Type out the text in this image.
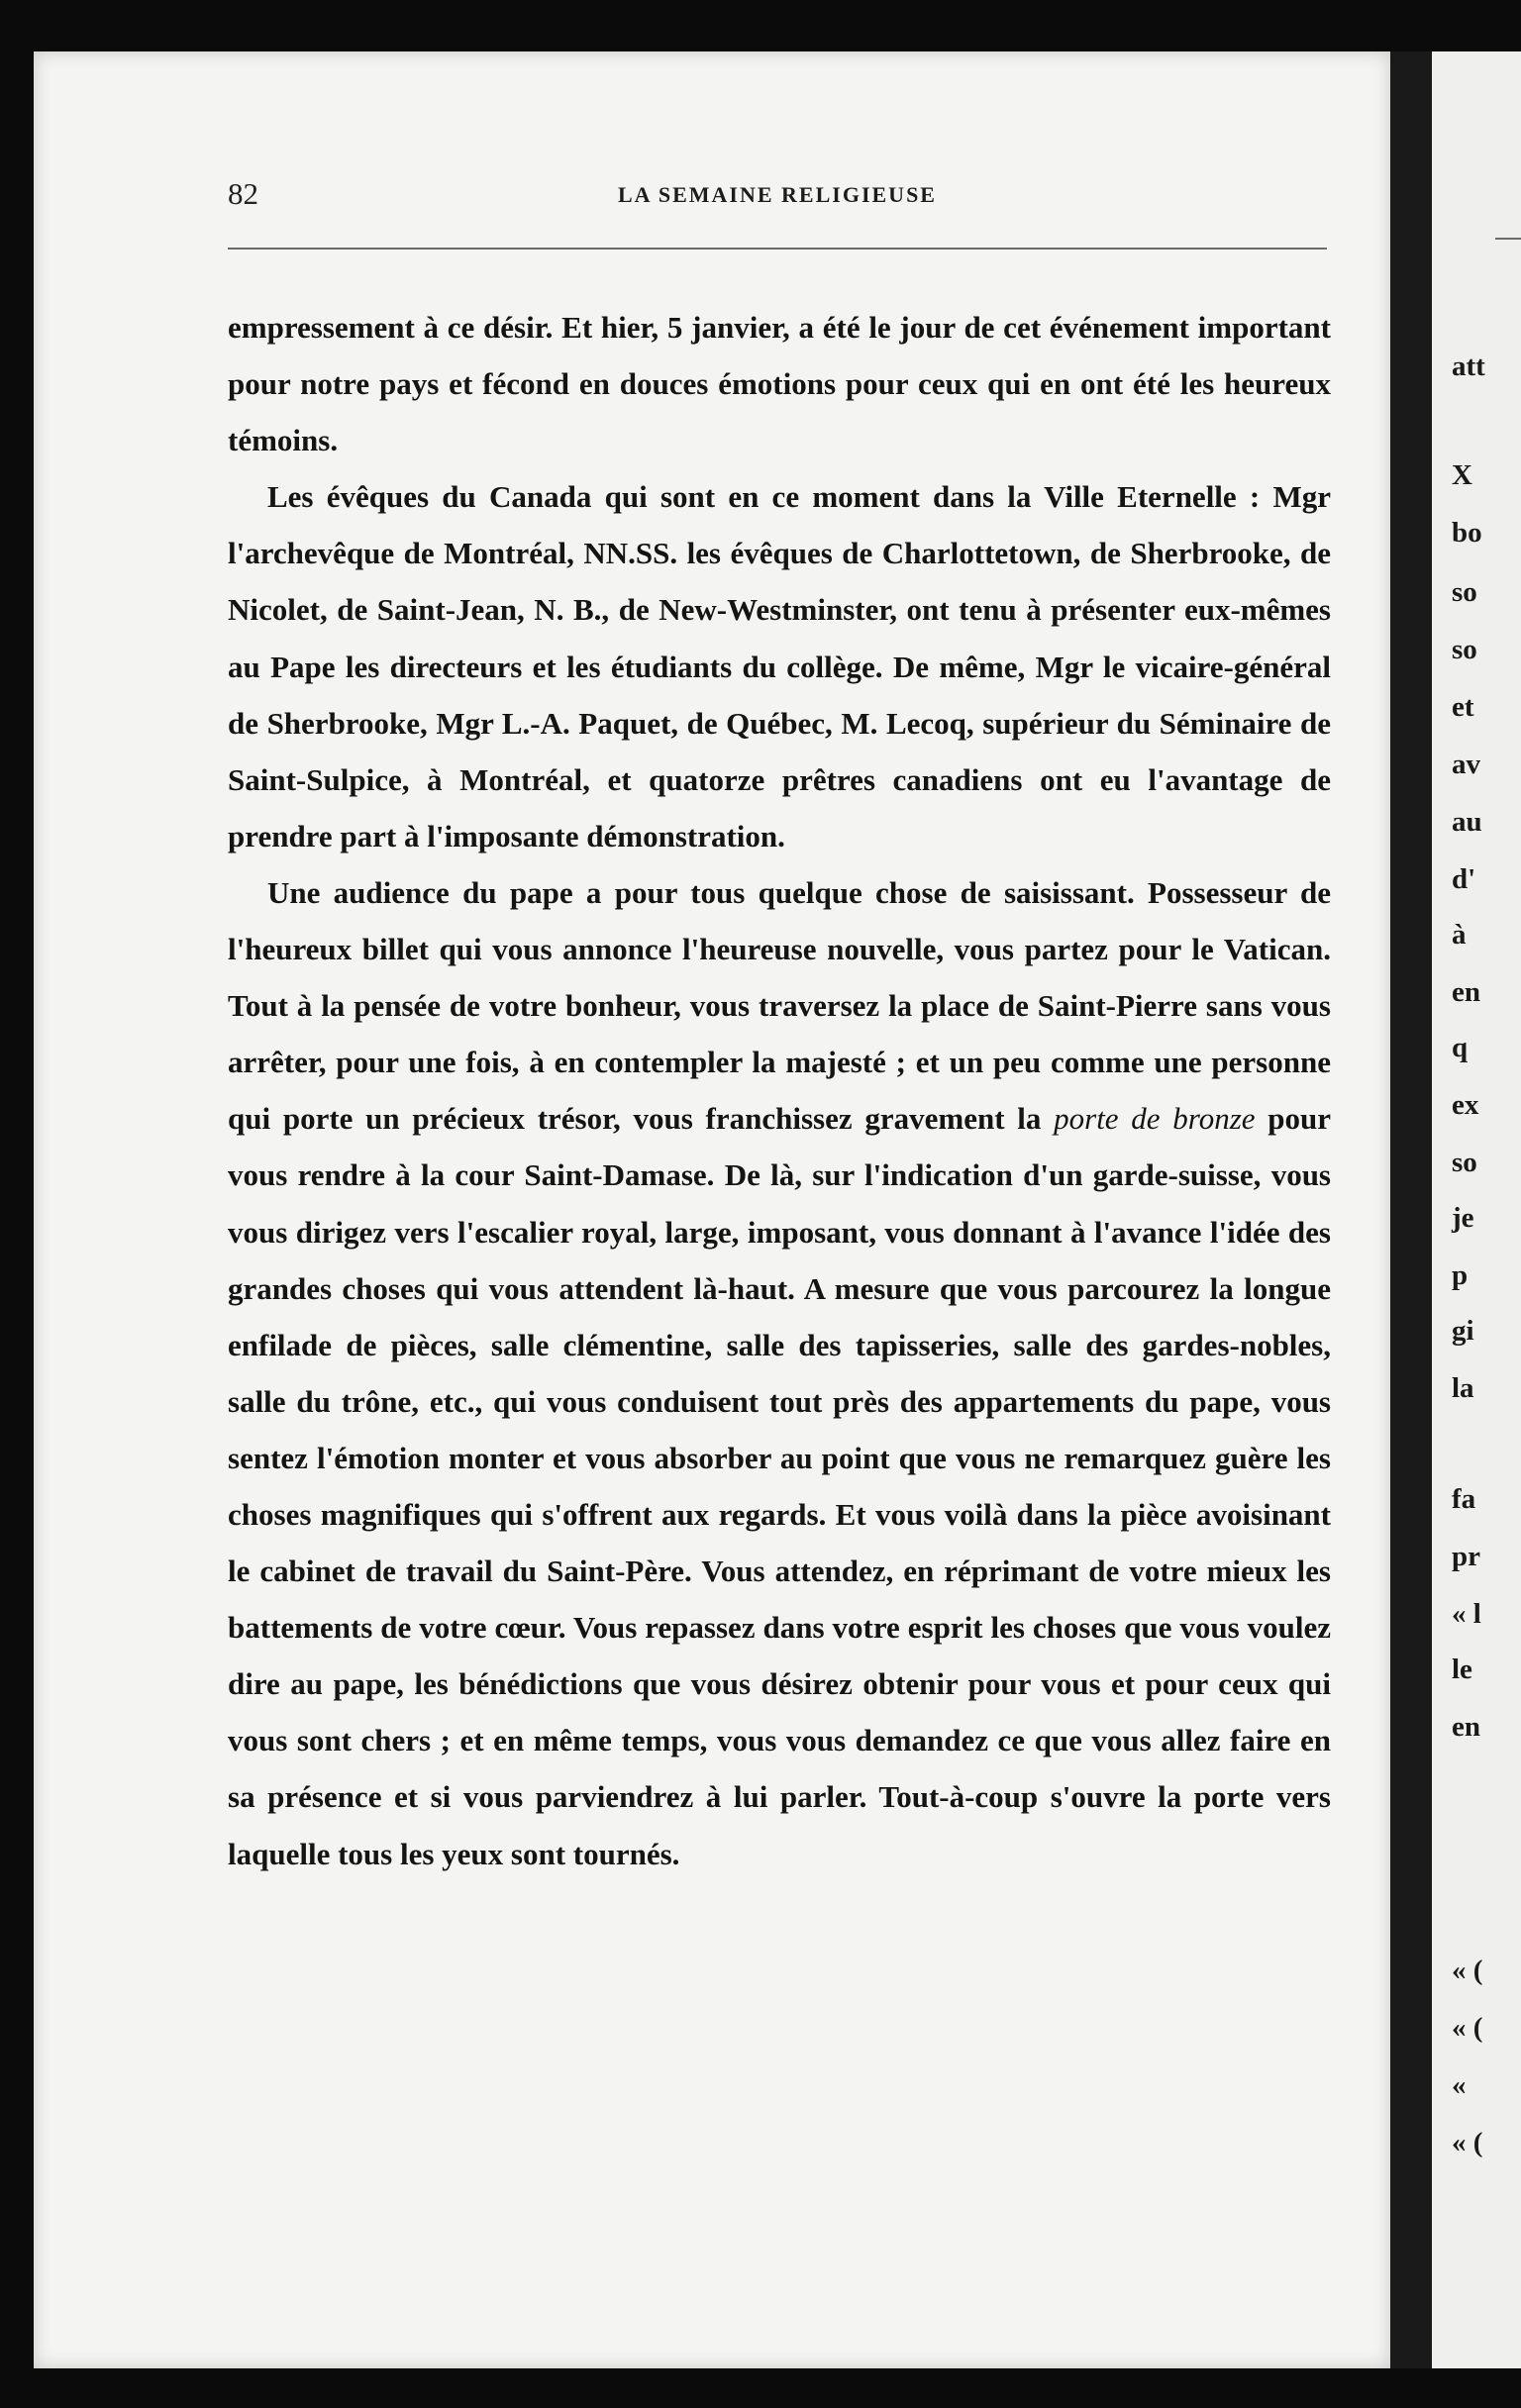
82	LA SEMAINE RELIGIEUSE

empressement à ce désir. Et hier, 5 janvier, a été le jour de cet événement important pour notre pays et fécond en douces émotions pour ceux qui en ont été les heureux témoins.

Les évêques du Canada qui sont en ce moment dans la Ville Eternelle : Mgr l'archevêque de Montréal, NN.SS. les évêques de Charlottetown, de Sherbrooke, de Nicolet, de Saint-Jean, N. B., de New-Westminster, ont tenu à présenter eux-mêmes au Pape les directeurs et les étudiants du collège. De même, Mgr le vicaire-général de Sherbrooke, Mgr L.-A. Paquet, de Québec, M. Lecoq, supérieur du Séminaire de Saint-Sulpice, à Montréal, et quatorze prêtres canadiens ont eu l'avantage de prendre part à l'imposante démonstration.

Une audience du pape a pour tous quelque chose de saisissant. Possesseur de l'heureux billet qui vous annonce l'heureuse nouvelle, vous partez pour le Vatican. Tout à la pensée de votre bonheur, vous traversez la place de Saint-Pierre sans vous arrêter, pour une fois, à en contempler la majesté ; et un peu comme une personne qui porte un précieux trésor, vous franchissez gravement la porte de bronze pour vous rendre à la cour Saint-Damase. De là, sur l'indication d'un garde-suisse, vous vous dirigez vers l'escalier royal, large, imposant, vous donnant à l'avance l'idée des grandes choses qui vous attendent là-haut. A mesure que vous parcourez la longue enfilade de pièces, salle clémentine, salle des tapisseries, salle des gardes-nobles, salle du trône, etc., qui vous conduisent tout près des appartements du pape, vous sentez l'émotion monter et vous absorber au point que vous ne remarquez guère les choses magnifiques qui s'offrent aux regards. Et vous voilà dans la pièce avoisinant le cabinet de travail du Saint-Père. Vous attendez, en réprimant de votre mieux les battements de votre cœur. Vous repassez dans votre esprit les choses que vous voulez dire au pape, les bénédictions que vous désirez obtenir pour vous et pour ceux qui vous sont chers ; et en même temps, vous vous demandez ce que vous allez faire en sa présence et si vous parviendrez à lui parler. Tout-à-coup s'ouvre la porte vers laquelle tous les yeux sont tournés.

att
X
bo
so
so
et
av
au
d'
à
en
q
ex
so
je
p
gi
la
fa
pr
« l
le
en
« (
« (
«
« (
